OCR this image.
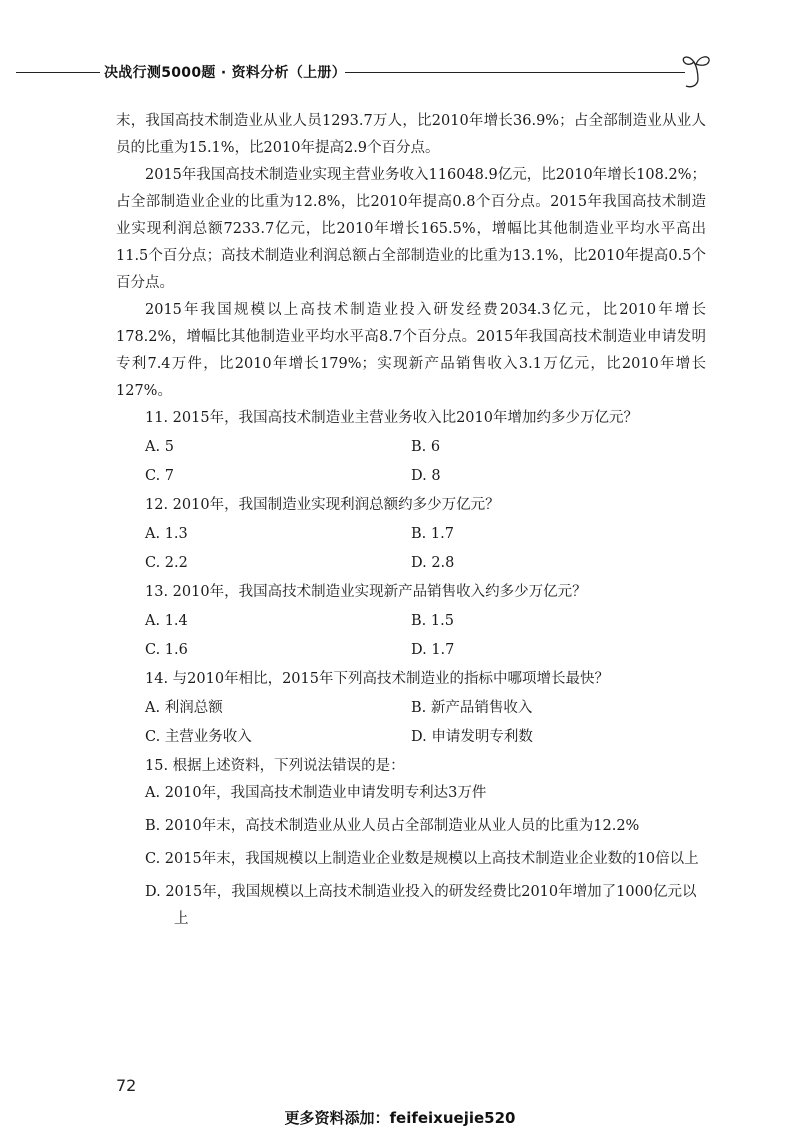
决战行测5000题 · 资料分析（上册）

末，我国高技术制造业从业人员1293.7万人，比2010年增长36.9%；占全部制造业从业人员的比重为15.1%，比2010年提高2.9个百分点。

2015年我国高技术制造业实现主营业务收入116048.9亿元，比2010年增长108.2%；占全部制造业企业的比重为12.8%，比2010年提高0.8个百分点。2015年我国高技术制造业实现利润总额7233.7亿元，比2010年增长165.5%，增幅比其他制造业平均水平高出11.5个百分点；高技术制造业利润总额占全部制造业的比重为13.1%，比2010年提高0.5个百分点。

2015年我国规模以上高技术制造业投入研发经费2034.3亿元，比2010年增长178.2%，增幅比其他制造业平均水平高8.7个百分点。2015年我国高技术制造业申请发明专利7.4万件，比2010年增长179%；实现新产品销售收入3.1万亿元，比2010年增长127%。

11. 2015年，我国高技术制造业主营业务收入比2010年增加约多少万亿元？

A. 5	B. 6
C. 7	D. 8

12. 2010年，我国制造业实现利润总额约多少万亿元？

A. 1.3	B. 1.7
C. 2.2	D. 2.8

13. 2010年，我国高技术制造业实现新产品销售收入约多少万亿元？

A. 1.4	B. 1.5
C. 1.6	D. 1.7

14. 与2010年相比，2015年下列高技术制造业的指标中哪项增长最快？

A. 利润总额	B. 新产品销售收入
C. 主营业务收入	D. 申请发明专利数

15. 根据上述资料，下列说法错误的是：

A. 2010年，我国高技术制造业申请发明专利达3万件
B. 2010年末，高技术制造业从业人员占全部制造业从业人员的比重为12.2%
C. 2015年末，我国规模以上制造业企业数是规模以上高技术制造业企业数的10倍以上
D. 2015年，我国规模以上高技术制造业投入的研发经费比2010年增加了1000亿元以上
72
更多资料添加：feifeixuejie520
